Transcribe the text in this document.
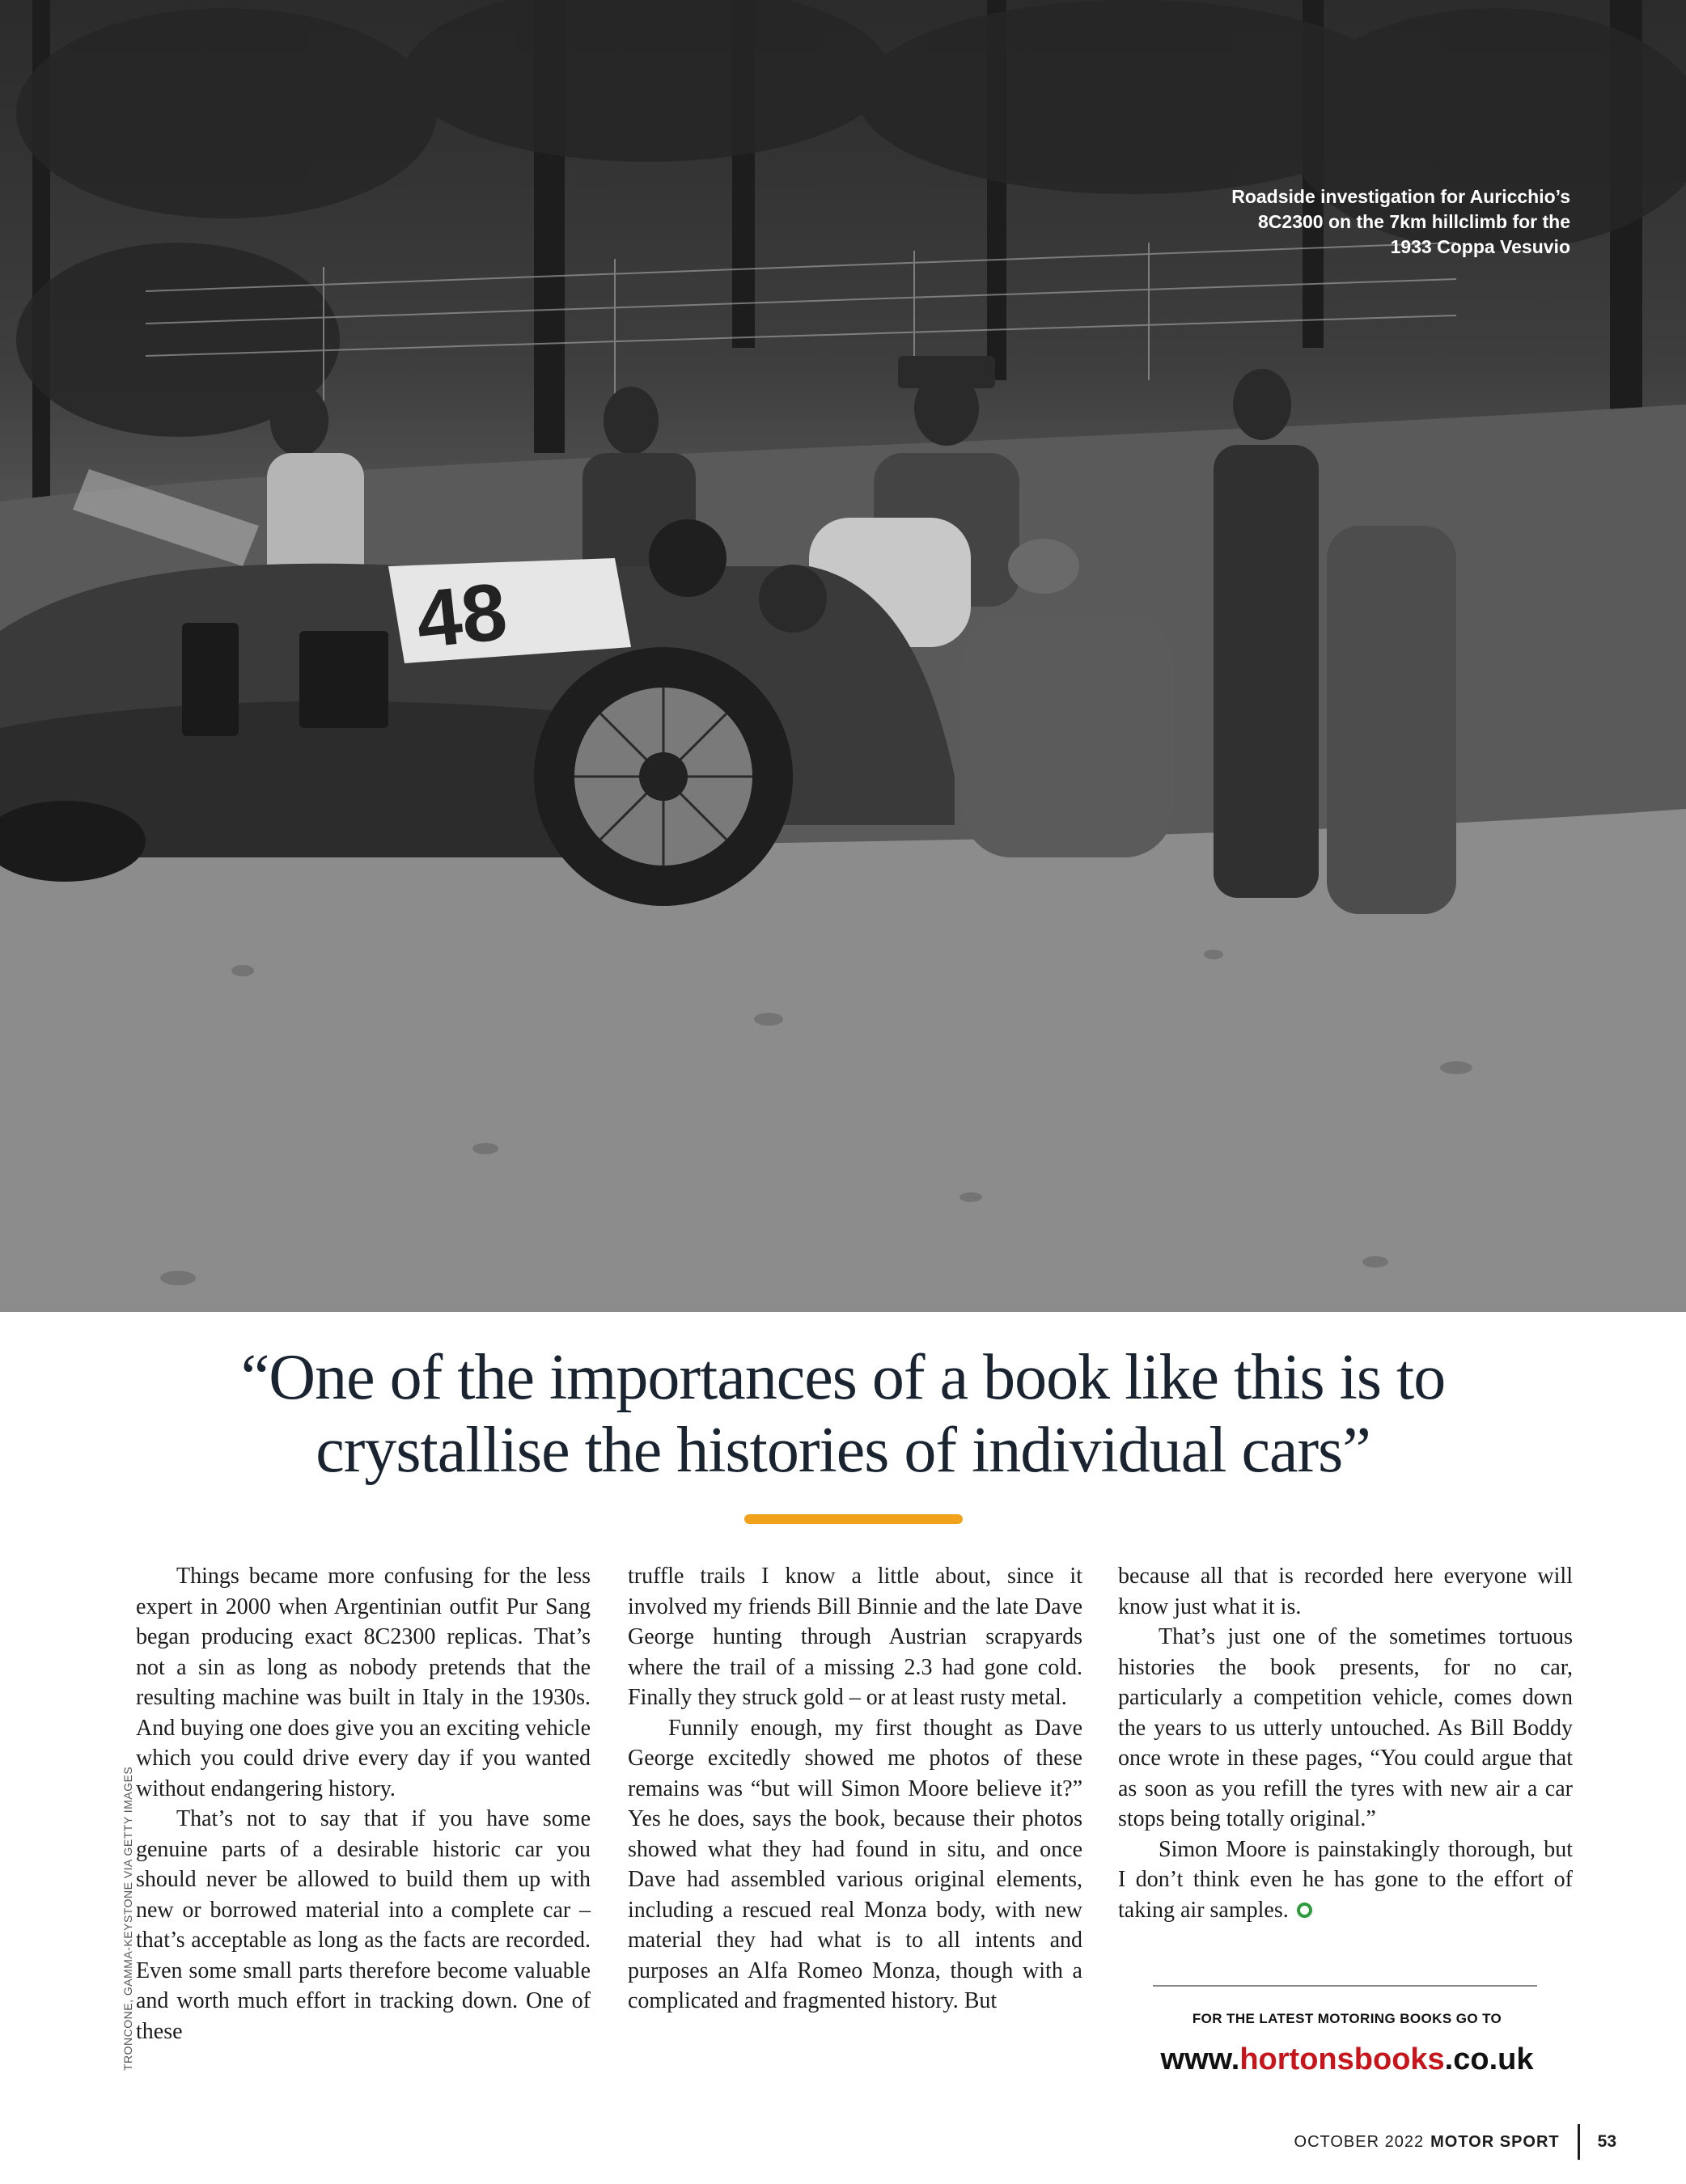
48
Roadside investigation for Auricchio’s 8C2300 on the 7km hillclimb for the 1933 Coppa Vesuvio
“One of the importances of a book like this is to
crystallise the histories of individual cars”
TRONCONE, GAMMA-KEYSTONE VIA GETTY IMAGES

Things became more confusing for the less expert in 2000 when Argentinian outfit Pur Sang began producing exact 8C2300 replicas. That’s not a sin as long as nobody pretends that the resulting machine was built in Italy in the 1930s. And buying one does give you an exciting vehicle which you could drive every day if you wanted without endangering history.

That’s not to say that if you have some genuine parts of a desirable historic car you should never be allowed to build them up with new or borrowed material into a complete car – that’s acceptable as long as the facts are recorded. Even some small parts therefore become valuable and worth much effort in tracking down. One of these

truffle trails I know a little about, since it involved my friends Bill Binnie and the late Dave George hunting through Austrian scrapyards where the trail of a missing 2.3 had gone cold. Finally they struck gold – or at least rusty metal.

Funnily enough, my first thought as Dave George excitedly showed me photos of these remains was “but will Simon Moore believe it?” Yes he does, says the book, because their photos showed what they had found in situ, and once Dave had assembled various original elements, including a rescued real Monza body, with new material they had what is to all intents and purposes an Alfa Romeo Monza, though with a complicated and fragmented history. But

because all that is recorded here everyone will know just what it is.

That’s just one of the sometimes tortuous histories the book presents, for no car, particularly a competition vehicle, comes down the years to us utterly untouched. As Bill Boddy once wrote in these pages, “You could argue that as soon as you refill the tyres with new air a car stops being totally original.”

Simon Moore is painstakingly thorough, but I don’t think even he has gone to the effort of taking air samples.

FOR THE LATEST MOTORING BOOKS GO TO
www.hortonsbooks.co.uk
OCTOBER 2022 MOTOR SPORT 53
